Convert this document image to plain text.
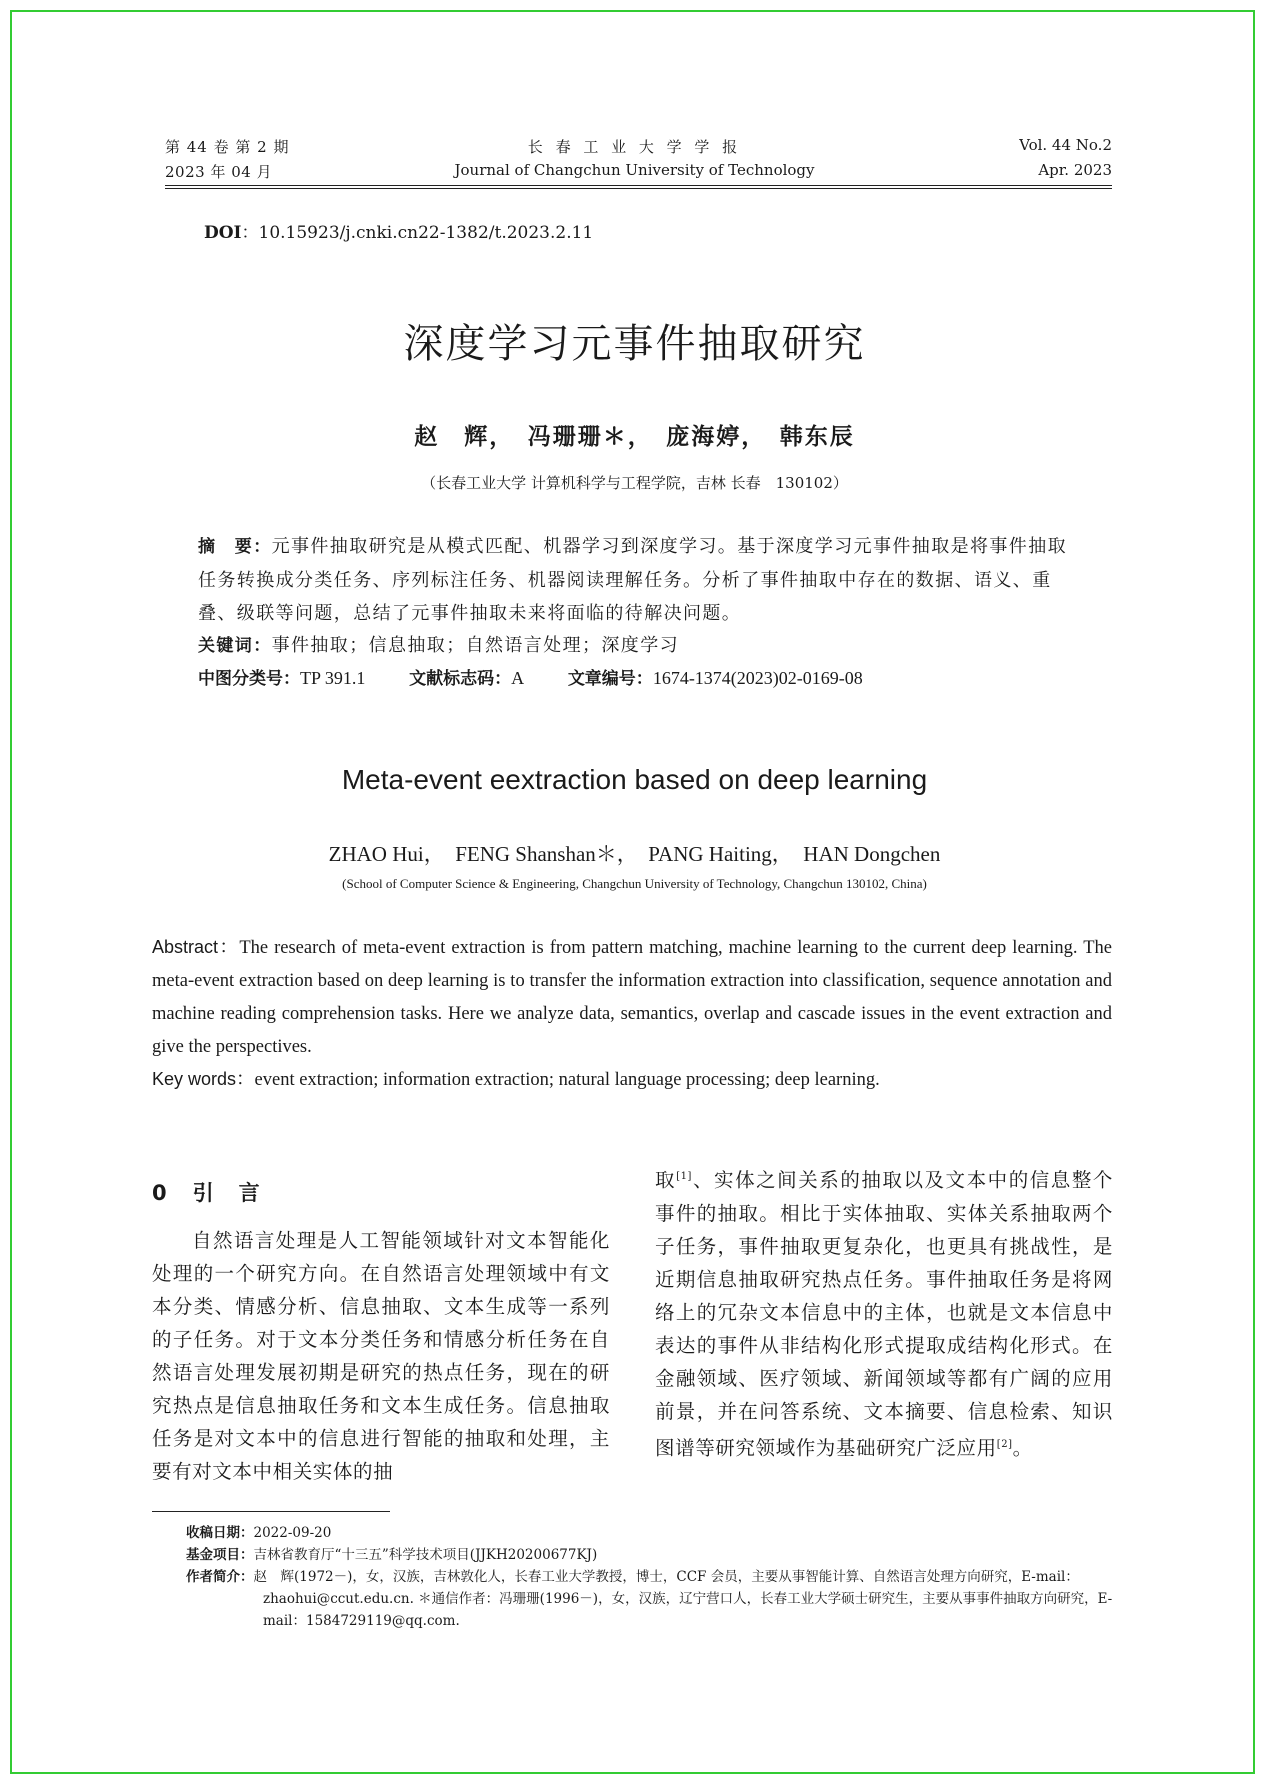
第 44 卷 第 2 期
2023 年 04 月
长 春 工 业 大 学 学 报
Journal of Changchun University of Technology
Vol. 44 No.2
Apr. 2023
DOI：10.15923/j.cnki.cn22-1382/t.2023.2.11
深度学习元事件抽取研究
赵　辉，　冯珊珊＊，　庞海婷，　韩东辰
（长春工业大学 计算机科学与工程学院，吉林 长春　130102）
摘　要：元事件抽取研究是从模式匹配、机器学习到深度学习。基于深度学习元事件抽取是将事件抽取任务转换成分类任务、序列标注任务、机器阅读理解任务。分析了事件抽取中存在的数据、语义、重叠、级联等问题，总结了元事件抽取未来将面临的待解决问题。
关键词：事件抽取；信息抽取；自然语言处理；深度学习
中图分类号：TP 391.1	文献标志码：A	文章编号：1674-1374(2023)02-0169-08
Meta-event eextraction based on deep learning
ZHAO Hui，　FENG Shanshan＊，　PANG Haiting，　HAN Dongchen
(School of Computer Science & Engineering, Changchun University of Technology, Changchun 130102, China)
Abstract：The research of meta-event extraction is from pattern matching, machine learning to the current deep learning. The meta-event extraction based on deep learning is to transfer the information extraction into classification, sequence annotation and machine reading comprehension tasks. Here we analyze data, semantics, overlap and cascade issues in the event extraction and give the perspectives.
Key words：event extraction; information extraction; natural language processing; deep learning.
0 引　言
自然语言处理是人工智能领域针对文本智能化处理的一个研究方向。在自然语言处理领域中有文本分类、情感分析、信息抽取、文本生成等一系列的子任务。对于文本分类任务和情感分析任务在自然语言处理发展初期是研究的热点任务，现在的研究热点是信息抽取任务和文本生成任务。信息抽取任务是对文本中的信息进行智能的抽取和处理，主要有对文本中相关实体的抽
取[1]、实体之间关系的抽取以及文本中的信息整个事件的抽取。相比于实体抽取、实体关系抽取两个子任务，事件抽取更复杂化，也更具有挑战性，是近期信息抽取研究热点任务。事件抽取任务是将网络上的冗杂文本信息中的主体，也就是文本信息中表达的事件从非结构化形式提取成结构化形式。在金融领域、医疗领域、新闻领域等都有广阔的应用前景，并在问答系统、文本摘要、信息检索、知识图谱等研究领域作为基础研究广泛应用[2]。
收稿日期：2022-09-20
基金项目：吉林省教育厅“十三五”科学技术项目(JJKH20200677KJ)
作者简介：赵　辉(1972－)，女，汉族，吉林敦化人，长春工业大学教授，博士，CCF 会员，主要从事智能计算、自然语言处理方向研究，E-mail：zhaohui@ccut.edu.cn. ＊通信作者：冯珊珊(1996－)，女，汉族，辽宁营口人，长春工业大学硕士研究生，主要从事事件抽取方向研究，E-mail：1584729119@qq.com.
